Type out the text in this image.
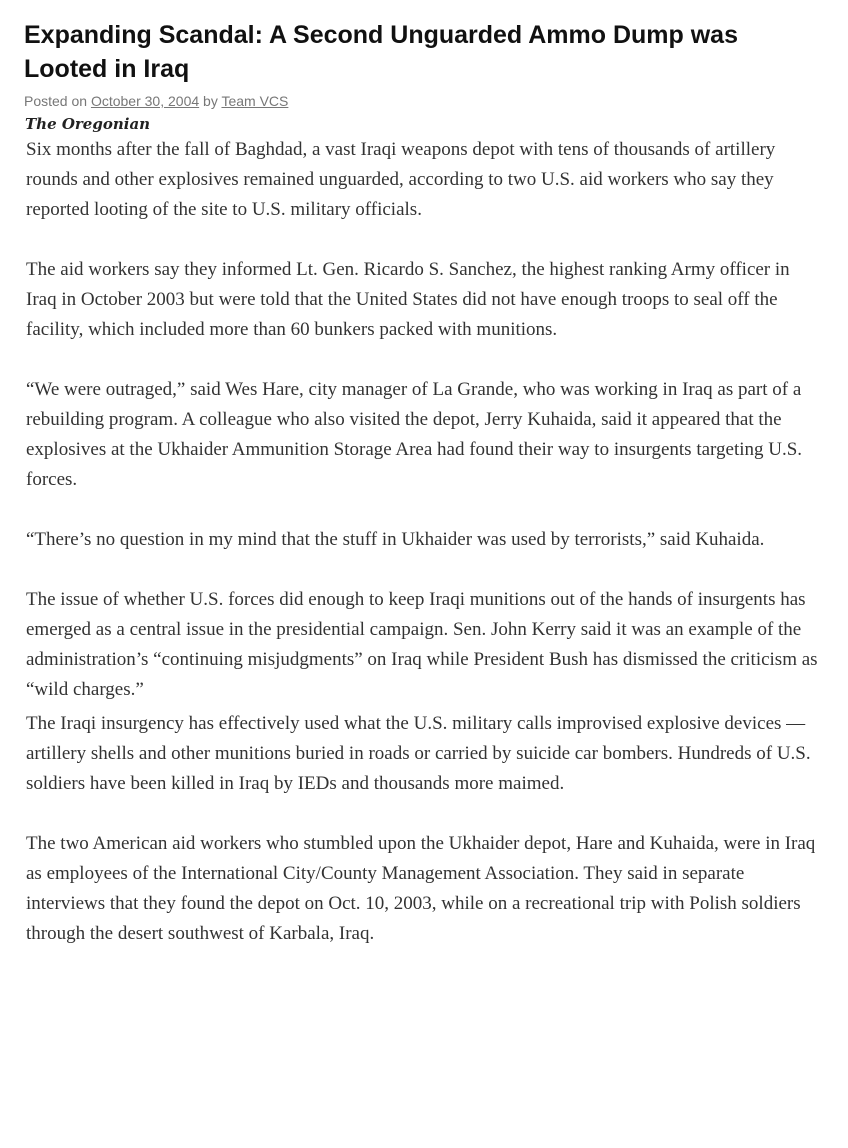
Expanding Scandal: A Second Unguarded Ammo Dump was Looted in Iraq
Posted on October 30, 2004 by Team VCS
The Oregonian

Six months after the fall of Baghdad, a vast Iraqi weapons depot with tens of thousands of artillery rounds and other explosives remained unguarded, according to two U.S. aid workers who say they reported looting of the site to U.S. military officials.

The aid workers say they informed Lt. Gen. Ricardo S. Sanchez, the highest ranking Army officer in Iraq in October 2003 but were told that the United States did not have enough troops to seal off the facility, which included more than 60 bunkers packed with munitions.

“We were outraged,” said Wes Hare, city manager of La Grande, who was working in Iraq as part of a rebuilding program. A colleague who also visited the depot, Jerry Kuhaida, said it appeared that the explosives at the Ukhaider Ammunition Storage Area had found their way to insurgents targeting U.S. forces.

“There’s no question in my mind that the stuff in Ukhaider was used by terrorists,” said Kuhaida.

The issue of whether U.S. forces did enough to keep Iraqi munitions out of the hands of insurgents has emerged as a central issue in the presidential campaign. Sen. John Kerry said it was an example of the administration’s “continuing misjudgments” on Iraq while President Bush has dismissed the criticism as “wild charges.”

The Iraqi insurgency has effectively used what the U.S. military calls improvised explosive devices — artillery shells and other munitions buried in roads or carried by suicide car bombers. Hundreds of U.S. soldiers have been killed in Iraq by IEDs and thousands more maimed.

The two American aid workers who stumbled upon the Ukhaider depot, Hare and Kuhaida, were in Iraq as employees of the International City/County Management Association. They said in separate interviews that they found the depot on Oct. 10, 2003, while on a recreational trip with Polish soldiers through the desert southwest of Karbala, Iraq.
